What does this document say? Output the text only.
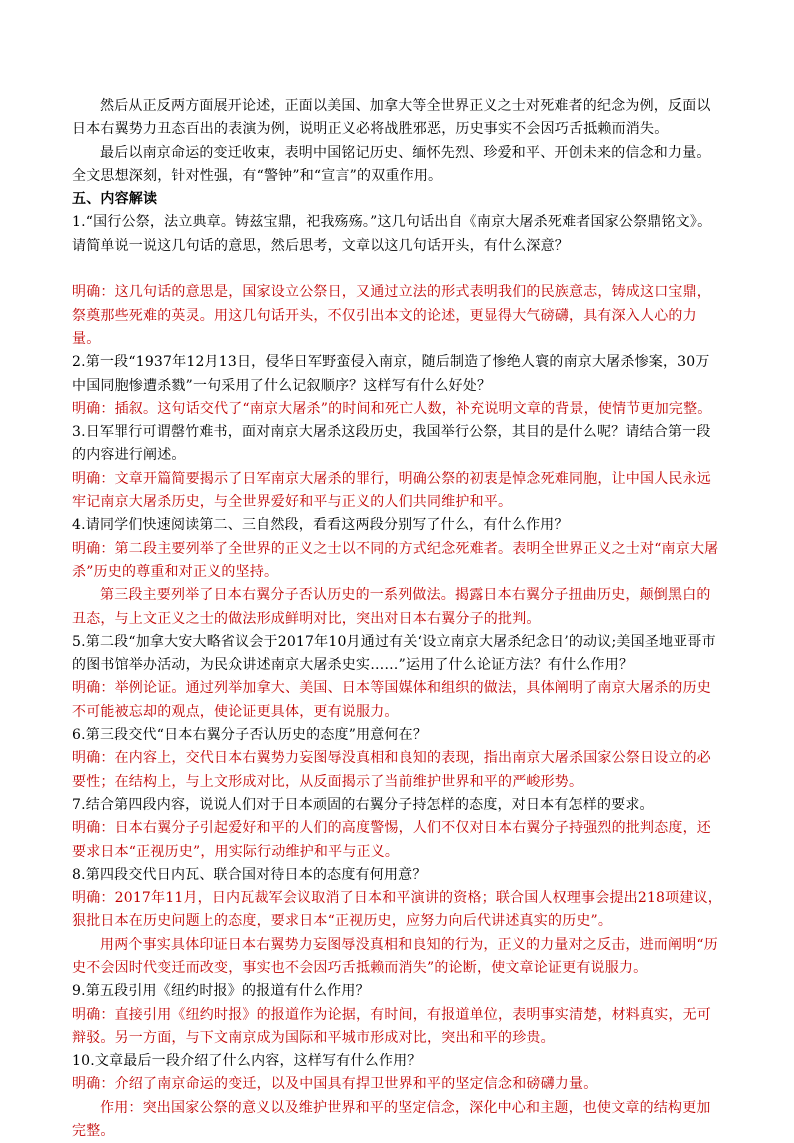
然后从正反两方面展开论述，正面以美国、加拿大等全世界正义之士对死难者的纪念为例，反面以日本右翼势力丑态百出的表演为例，说明正义必将战胜邪恶，历史事实不会因巧舌抵赖而消失。
最后以南京命运的变迁收束，表明中国铭记历史、缅怀先烈、珍爱和平、开创未来的信念和力量。全文思想深刻，针对性强，有“警钟”和“宣言”的双重作用。
五、内容解读
1.“国行公祭，法立典章。铸兹宝鼎，祀我殇殇。”这几句话出自《南京大屠杀死难者国家公祭鼎铭文》。请简单说一说这几句话的意思，然后思考，文章以这几句话开头，有什么深意？
明确：这几句话的意思是，国家设立公祭日，又通过立法的形式表明我们的民族意志，铸成这口宝鼎，祭奠那些死难的英灵。用这几句话开头，不仅引出本文的论述，更显得大气磅礴，具有深入人心的力量。
2.第一段“1937年12月13日，侵华日军野蛮侵入南京，随后制造了惨绝人寰的南京大屠杀惨案，30万中国同胞惨遭杀戮”一句采用了什么记叙顺序？这样写有什么好处？
明确：插叙。这句话交代了“南京大屠杀”的时间和死亡人数，补充说明文章的背景，使情节更加完整。
3.日军罪行可谓罄竹难书，面对南京大屠杀这段历史，我国举行公祭，其目的是什么呢？请结合第一段的内容进行阐述。
明确：文章开篇简要揭示了日军南京大屠杀的罪行，明确公祭的初衷是悼念死难同胞，让中国人民永远牢记南京大屠杀历史，与全世界爱好和平与正义的人们共同维护和平。
4.请同学们快速阅读第二、三自然段，看看这两段分别写了什么，有什么作用？
明确：第二段主要列举了全世界的正义之士以不同的方式纪念死难者。表明全世界正义之士对“南京大屠杀”历史的尊重和对正义的坚持。
第三段主要列举了日本右翼分子否认历史的一系列做法。揭露日本右翼分子扭曲历史，颠倒黑白的丑态，与上文正义之士的做法形成鲜明对比，突出对日本右翼分子的批判。
5.第二段“加拿大安大略省议会于2017年10月通过有关‘设立南京大屠杀纪念日’的动议;美国圣地亚哥市的图书馆举办活动，为民众讲述南京大屠杀史实……”运用了什么论证方法？有什么作用？
明确：举例论证。通过列举加拿大、美国、日本等国媒体和组织的做法，具体阐明了南京大屠杀的历史不可能被忘却的观点，使论证更具体，更有说服力。
6.第三段交代“日本右翼分子否认历史的态度”用意何在？
明确：在内容上，交代日本右翼势力妄图辱没真相和良知的表现，指出南京大屠杀国家公祭日设立的必要性；在结构上，与上文形成对比，从反面揭示了当前维护世界和平的严峻形势。
7.结合第四段内容，说说人们对于日本顽固的右翼分子持怎样的态度，对日本有怎样的要求。
明确：日本右翼分子引起爱好和平的人们的高度警惕，人们不仅对日本右翼分子持强烈的批判态度，还要求日本“正视历史”，用实际行动维护和平与正义。
8.第四段交代日内瓦、联合国对待日本的态度有何用意？
明确：2017年11月，日内瓦裁军会议取消了日本和平演讲的资格；联合国人权理事会提出218项建议，狠批日本在历史问题上的态度，要求日本“正视历史，应努力向后代讲述真实的历史”。
用两个事实具体印证日本右翼势力妄图辱没真相和良知的行为，正义的力量对之反击，进而阐明“历史不会因时代变迁而改变，事实也不会因巧舌抵赖而消失”的论断，使文章论证更有说服力。
9.第五段引用《纽约时报》的报道有什么作用？
明确：直接引用《纽约时报》的报道作为论据，有时间，有报道单位，表明事实清楚，材料真实，无可辩驳。另一方面，与下文南京成为国际和平城市形成对比，突出和平的珍贵。
10.文章最后一段介绍了什么内容，这样写有什么作用？
明确：介绍了南京命运的变迁，以及中国具有捍卫世界和平的坚定信念和磅礴力量。
作用：突出国家公祭的意义以及维护世界和平的坚定信念，深化中心和主题，也使文章的结构更加完整。
